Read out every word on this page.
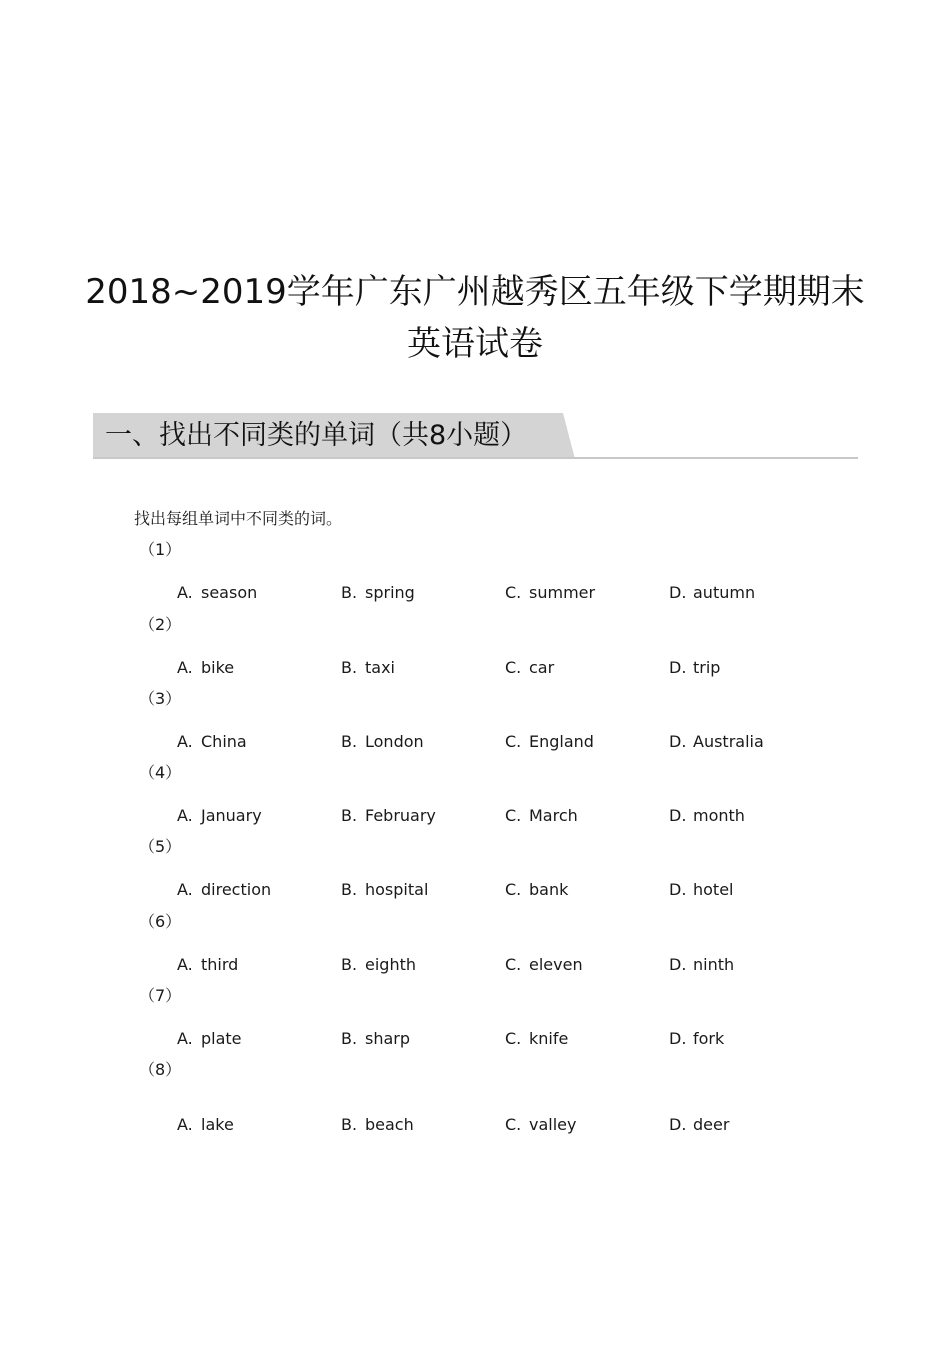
2018~2019学年广东广州越秀区五年级下学期期末
英语试卷
一、找出不同类的单词（共8小题）
找出每组单词中不同类的词。
（1）
A. season	B. spring	C. summer	D. autumn
（2）
A. bike	B. taxi	C. car	D. trip
（3）
A. China	B. London	C. England	D. Australia
（4）
A. January	B. February	C. March	D. month
（5）
A. direction	B. hospital	C. bank	D. hotel
（6）
A. third	B. eighth	C. eleven	D. ninth
（7）
A. plate	B. sharp	C. knife	D. fork
（8）
A. lake	B. beach	C. valley	D. deer
